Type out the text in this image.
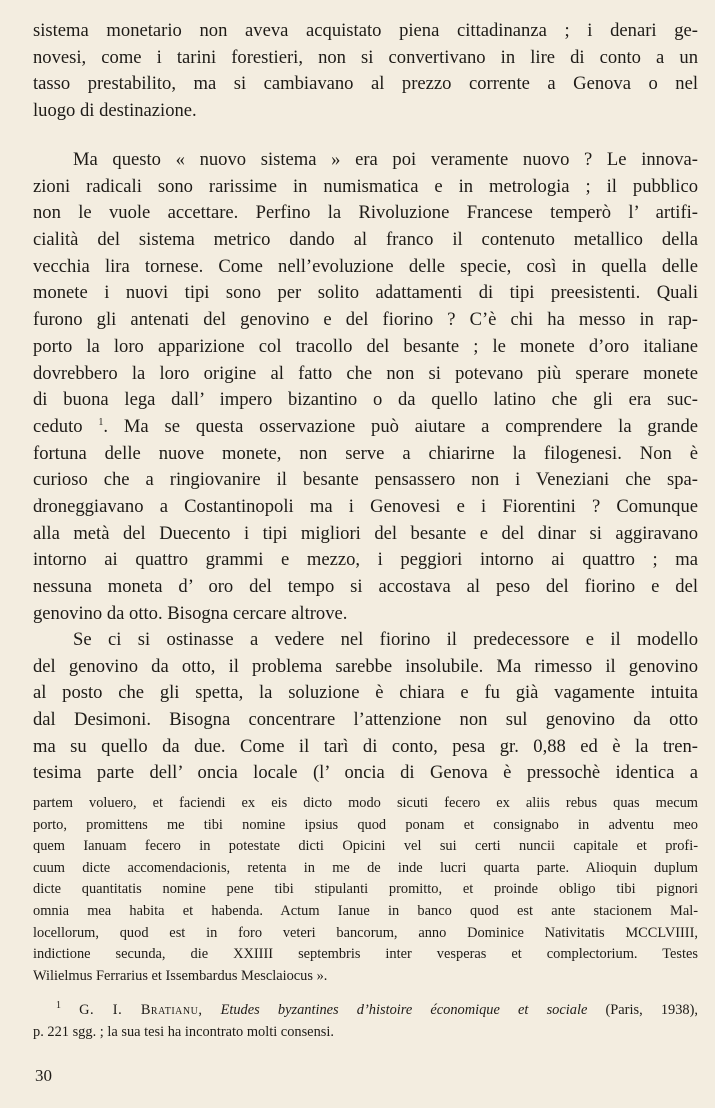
sistema monetario non aveva acquistato piena cittadinanza ; i denari ge-
novesi, come i tarini forestieri, non si convertivano in lire di conto a un
tasso prestabilito, ma si cambiavano al prezzo corrente a Genova o nel
luogo di destinazione.
Ma questo « nuovo sistema » era poi veramente nuovo ? Le innova-
zioni radicali sono rarissime in numismatica e in metrologia ; il pubblico
non le vuole accettare. Perfino la Rivoluzione Francese temperò l’ artifi-
cialità del sistema metrico dando al franco il contenuto metallico della
vecchia lira tornese. Come nell’evoluzione delle specie, così in quella delle
monete i nuovi tipi sono per solito adattamenti di tipi preesistenti. Quali
furono gli antenati del genovino e del fiorino ? C’è chi ha messo in rap-
porto la loro apparizione col tracollo del besante ; le monete d’oro italiane
dovrebbero la loro origine al fatto che non si potevano più sperare monete
di buona lega dall’ impero bizantino o da quello latino che gli era suc-
ceduto $^1$. Ma se questa osservazione può aiutare a comprendere la grande
fortuna delle nuove monete, non serve a chiarirne la filogenesi. Non è
curioso che a ringiovanire il besante pensassero non i Veneziani che spa-
droneggiavano a Costantinopoli ma i Genovesi e i Fiorentini ? Comunque
alla metà del Duecento i tipi migliori del besante e del dinar si aggiravano
intorno ai quattro grammi e mezzo, i peggiori intorno ai quattro ; ma
nessuna moneta d’ oro del tempo si accostava al peso del fiorino e del
genovino da otto. Bisogna cercare altrove.
Se ci si ostinasse a vedere nel fiorino il predecessore e il modello
del genovino da otto, il problema sarebbe insolubile. Ma rimesso il genovino
al posto che gli spetta, la soluzione è chiara e fu già vagamente intuita
dal Desimoni. Bisogna concentrare l’attenzione non sul genovino da otto
ma su quello da due. Come il tarì di conto, pesa gr. 0,88 ed è la tren-
tesima parte dell’ oncia locale (l’ oncia di Genova è pressochè identica a
partem voluero, et faciendi ex eis dicto modo sicuti fecero ex aliis rebus quas mecum
porto, promittens me tibi nomine ipsius quod ponam et consignabo in adventu meo
quem Ianuam fecero in potestate dicti Opicini vel sui certi nuncii capitale et profi-
cuum dicte accomendacionis, retenta in me de inde lucri quarta parte. Alioquin duplum
dicte quantitatis nomine pene tibi stipulanti promitto, et proinde obligo tibi pignori
omnia mea habita et habenda. Actum Ianue in banco quod est ante stacionem Mal-
locellorum, quod est in foro veteri bancorum, anno Dominice Nativitatis MCCLVIIII,
indictione secunda, die XXIIII septembris inter vesperas et complectorium. Testes
Wilielmus Ferrarius et Issembardus Mesclaiocus ».
$^1$ G. I. Bratianu, Etudes byzantines d’histoire économique et sociale (Paris, 1938),
p. 221 sgg. ; la sua tesi ha incontrato molti consensi.
30
